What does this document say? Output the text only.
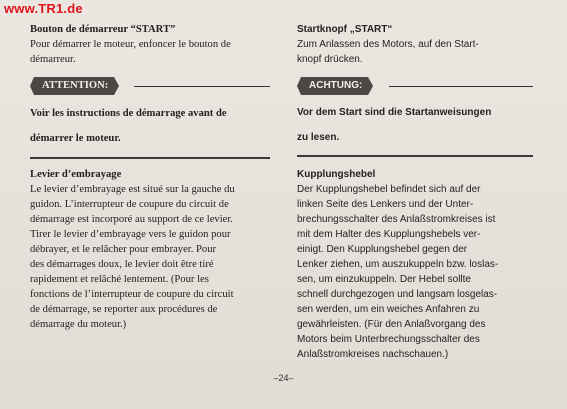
www.TR1.de
Bouton de démarreur “START”

Pour démarrer le moteur, enfoncer le bouton de

démarreur.

ATTENTION:

Voir les instructions de démarrage avant de

démarrer le moteur.

Levier d’embrayage

Le levier d’embrayage est situé sur la gauche du

guidon. L’interrupteur de coupure du circuit de

démarrage est incorporé au support de ce levier.

Tirer le levier d’embrayage vers le guidon pour

débrayer, et le relâcher pour embrayer. Pour

des démarrages doux, le levier doit être tiré

rapidement et relâché lentement. (Pour les

fonctions de l’interrupteur de coupure du circuit

de démarrage, se reporter aux procédures de

démarrage du moteur.)

Startknopf „START“

Zum Anlassen des Motors, auf den Start-

knopf drücken.

ACHTUNG:

Vor dem Start sind die Startanweisungen

zu lesen.

Kupplungshebel

Der Kupplungshebel befindet sich auf der

linken Seite des Lenkers und der Unter-

brechungsschalter des Anlaßstromkreises ist

mit dem Halter des Kupplungshebels ver-

einigt. Den Kupplungshebel gegen der

Lenker ziehen, um auszukuppeln bzw. loslas-

sen, um einzukuppeln. Der Hebel sollte

schnell durchgezogen und langsam losgelas-

sen werden, um ein weiches Anfahren zu

gewährleisten. (Für den Anlaßvorgang des

Motors beim Unterbrechungsschalter des

Anlaßstromkreises nachschauen.)

–24–
